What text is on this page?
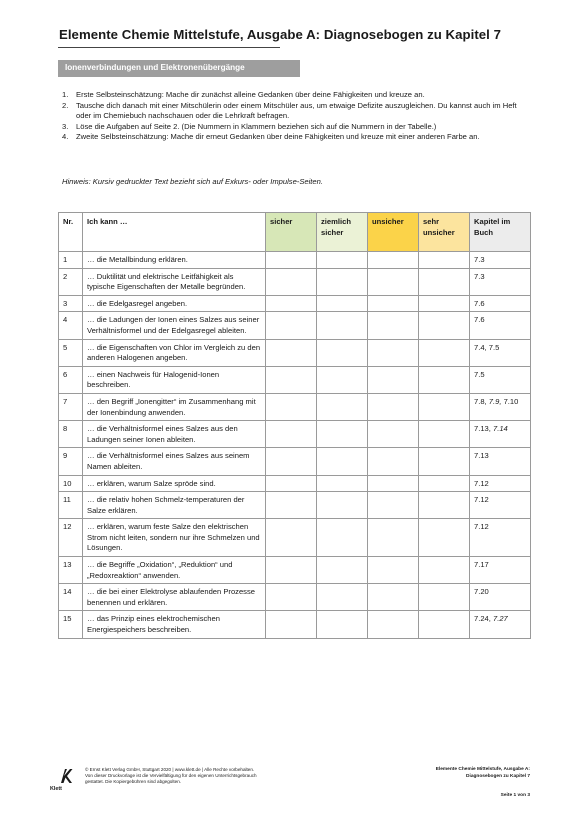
Elemente Chemie Mittelstufe, Ausgabe A: Diagnosebogen zu Kapitel 7
Ionenverbindungen und Elektronenübergänge
1. Erste Selbsteinschätzung: Mache dir zunächst alleine Gedanken über deine Fähigkeiten und kreuze an.
2. Tausche dich danach mit einer Mitschülerin oder einem Mitschüler aus, um etwaige Defizite auszugleichen. Du kannst auch im Heft oder im Chemiebuch nachschauen oder die Lehrkraft befragen.
3. Löse die Aufgaben auf Seite 2. (Die Nummern in Klammern beziehen sich auf die Nummern in der Tabelle.)
4. Zweite Selbsteinschätzung: Mache dir erneut Gedanken über deine Fähigkeiten und kreuze mit einer anderen Farbe an.
Hinweis: Kursiv gedruckter Text bezieht sich auf Exkurs- oder Impulse-Seiten.
Nr.	Ich kann …	sicher	ziemlich sicher	unsicher	sehr unsicher	Kapitel im Buch
1	… die Metallbindung erklären.					7.3
2	… Duktilität und elektrische Leitfähigkeit als typische Eigenschaften der Metalle begründen.					7.3
3	… die Edelgasregel angeben.					7.6
4	… die Ladungen der Ionen eines Salzes aus seiner Verhältnisformel und der Edelgasregel ableiten.					7.6
5	… die Eigenschaften von Chlor im Vergleich zu den anderen Halogenen angeben.					7.4, 7.5
6	… einen Nachweis für Halogenid-Ionen beschreiben.					7.5
7	… den Begriff „Ionengitter“ im Zusammenhang mit der Ionenbindung anwenden.					7.8, 7.9, 7.10
8	… die Verhältnisformel eines Salzes aus den Ladungen seiner Ionen ableiten.					7.13, 7.14
9	… die Verhältnisformel eines Salzes aus seinem Namen ableiten.					7.13
10	… erklären, warum Salze spröde sind.					7.12
11	… die relativ hohen Schmelz-temperaturen der Salze erklären.					7.12
12	… erklären, warum feste Salze den elektrischen Strom nicht leiten, sondern nur ihre Schmelzen und Lösungen.					7.12
13	… die Begriffe „Oxidation“, „Reduktion“ und „Redoxreaktion“ anwenden.					7.17
14	… die bei einer Elektrolyse ablaufenden Prozesse benennen und erklären.					7.20
15	… das Prinzip eines elektrochemischen Energiespeichers beschreiben.					7.24, 7.27
Klett
© Ernst Klett Verlag GmbH, Stuttgart 2020 | www.klett.de | Alle Rechte vorbehalten. Von dieser Druckvorlage ist die Vervielfältigung für den eigenen Unterrichtsgebrauch gestattet. Die Kopiergebühren sind abgegolten.
Elemente Chemie Mittelstufe, Ausgabe A:
Diagnosebogen zu Kapitel 7
Seite 1 von 3
